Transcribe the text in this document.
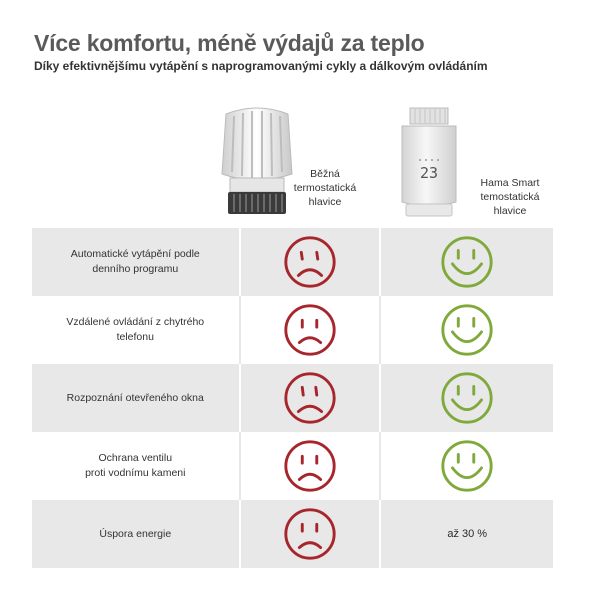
Více komfortu, méně výdajů za teplo
Díky efektivnějšímu vytápění s naprogramovanými cykly a dálkovým ovládáním
Běžná
termostatická
hlavice
23
Hama Smart
temostatická
hlavice
Automatické vytápění podle
denního programu
Vzdálené ovládání z chytrého
telefonu
Rozpoznání otevřeného okna
Ochrana ventilu
proti vodnímu kameni
Úspora energie	až 30 %
